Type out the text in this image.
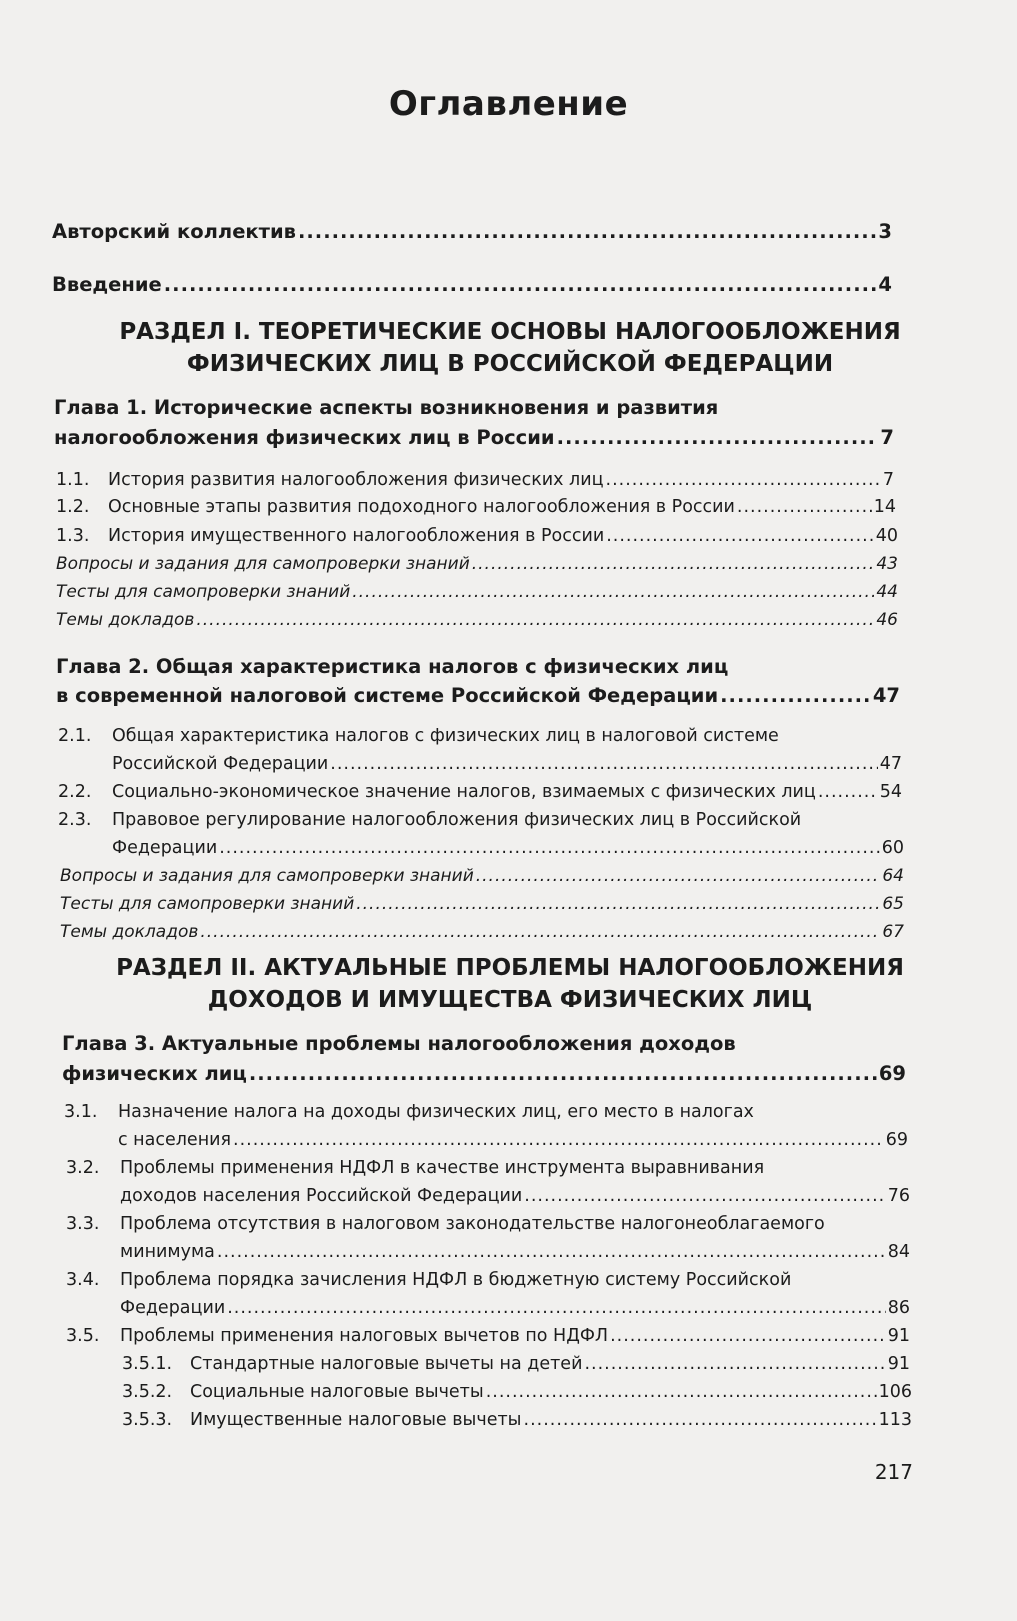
Оглавление
Авторский коллектив .....	3
Введение .....	4
РАЗДЕЛ I. ТЕОРЕТИЧЕСКИЕ ОСНОВЫ НАЛОГООБЛОЖЕНИЯ
ФИЗИЧЕСКИХ ЛИЦ В РОССИЙСКОЙ ФЕДЕРАЦИИ
Глава 1. Исторические аспекты возникновения и развития
налогообложения физических лиц в России .....	7
1.1.	История развития налогообложения физических лиц .....	7
1.2.	Основные этапы развития подоходного налогообложения в России .....	14
1.3.	История имущественного налогообложения в России .....	40
Вопросы и задания для самопроверки знаний .....	43
Тесты для самопроверки знаний .....	44
Темы докладов .....	46
Глава 2. Общая характеристика налогов с физических лиц
в современной налоговой системе Российской Федерации .....	47
2.1. Общая характеристика налогов с физических лиц в налоговой системе
Российской Федерации .....	47
2.2.	Социально-экономическое значение налогов, взимаемых с физических лиц .....	54
2.3. Правовое регулирование налогообложения физических лиц в Российской
Федерации .....	60
Вопросы и задания для самопроверки знаний .....	64
Тесты для самопроверки знаний .....	65
Темы докладов .....	67
РАЗДЕЛ II. АКТУАЛЬНЫЕ ПРОБЛЕМЫ НАЛОГООБЛОЖЕНИЯ
ДОХОДОВ И ИМУЩЕСТВА ФИЗИЧЕСКИХ ЛИЦ
Глава 3. Актуальные проблемы налогообложения доходов
физических лиц .....	69
3.1. Назначение налога на доходы физических лиц, его место в налогах
с населения .....	69
3.2. Проблемы применения НДФЛ в качестве инструмента выравнивания
доходов населения Российской Федерации .....	76
3.3. Проблема отсутствия в налоговом законодательстве налогонеоблагаемого
минимума .....	84
3.4. Проблема порядка зачисления НДФЛ в бюджетную систему Российской
Федерации .....	86
3.5.	Проблемы применения налоговых вычетов по НДФЛ .....	91
3.5.1.	Стандартные налоговые вычеты на детей .....	91
3.5.2.	Социальные налоговые вычеты .....	106
3.5.3.	Имущественные налоговые вычеты .....	113
217
